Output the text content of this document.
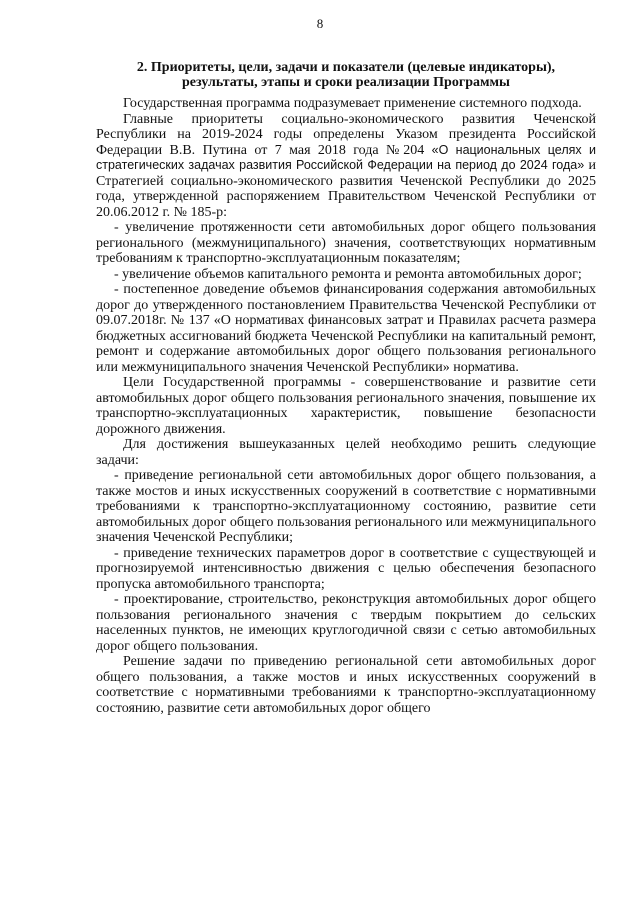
8
2. Приоритеты, цели, задачи и показатели (целевые индикаторы),
результаты, этапы и сроки реализации Программы

Государственная программа подразумевает применение системного подхода.

Главные приоритеты социально-экономического развития Чеченской Республики на 2019-2024 годы определены Указом президента Российской Федерации В.В. Путина от 7 мая 2018 года №204 «О национальных целях и стратегических задачах развития Российской Федерации на период до 2024 года» и Стратегией социально-экономического развития Чеченской Республики до 2025 года, утвержденной распоряжением Правительством Чеченской Республики от 20.06.2012 г. № 185-р:

- увеличение протяженности сети автомобильных дорог общего пользования регионального (межмуниципального) значения, соответствующих нормативным требованиям к транспортно-эксплуатационным показателям;

- увеличение объемов капитального ремонта и ремонта автомобильных дорог;

- постепенное доведение объемов финансирования содержания автомобильных дорог до утвержденного постановлением Правительства Чеченской Республики от 09.07.2018г. № 137 «О нормативах финансовых затрат и Правилах расчета размера бюджетных ассигнований бюджета Чеченской Республики на капитальный ремонт, ремонт и содержание автомобильных дорог общего пользования регионального или межмуниципального значения Чеченской Республики» норматива.

Цели Государственной программы - совершенствование и развитие сети автомобильных дорог общего пользования регионального значения, повышение их транспортно-эксплуатационных характеристик, повышение безопасности дорожного движения.

Для достижения вышеуказанных целей необходимо решить следующие задачи:

- приведение региональной сети автомобильных дорог общего пользования, а также мостов и иных искусственных сооружений в соответствие с нормативными требованиями к транспортно-эксплуатационному состоянию, развитие сети автомобильных дорог общего пользования регионального или межмуниципального значения Чеченской Республики;

- приведение технических параметров дорог в соответствие с существующей и прогнозируемой интенсивностью движения с целью обеспечения безопасного пропуска автомобильного транспорта;

- проектирование, строительство, реконструкция автомобильных дорог общего пользования регионального значения с твердым покрытием до сельских населенных пунктов, не имеющих круглогодичной связи с сетью автомобильных дорог общего пользования.

Решение задачи по приведению региональной сети автомобильных дорог общего пользования, а также мостов и иных искусственных сооружений в соответствие с нормативными требованиями к транспортно-эксплуатационному состоянию, развитие сети автомобильных дорог общего
